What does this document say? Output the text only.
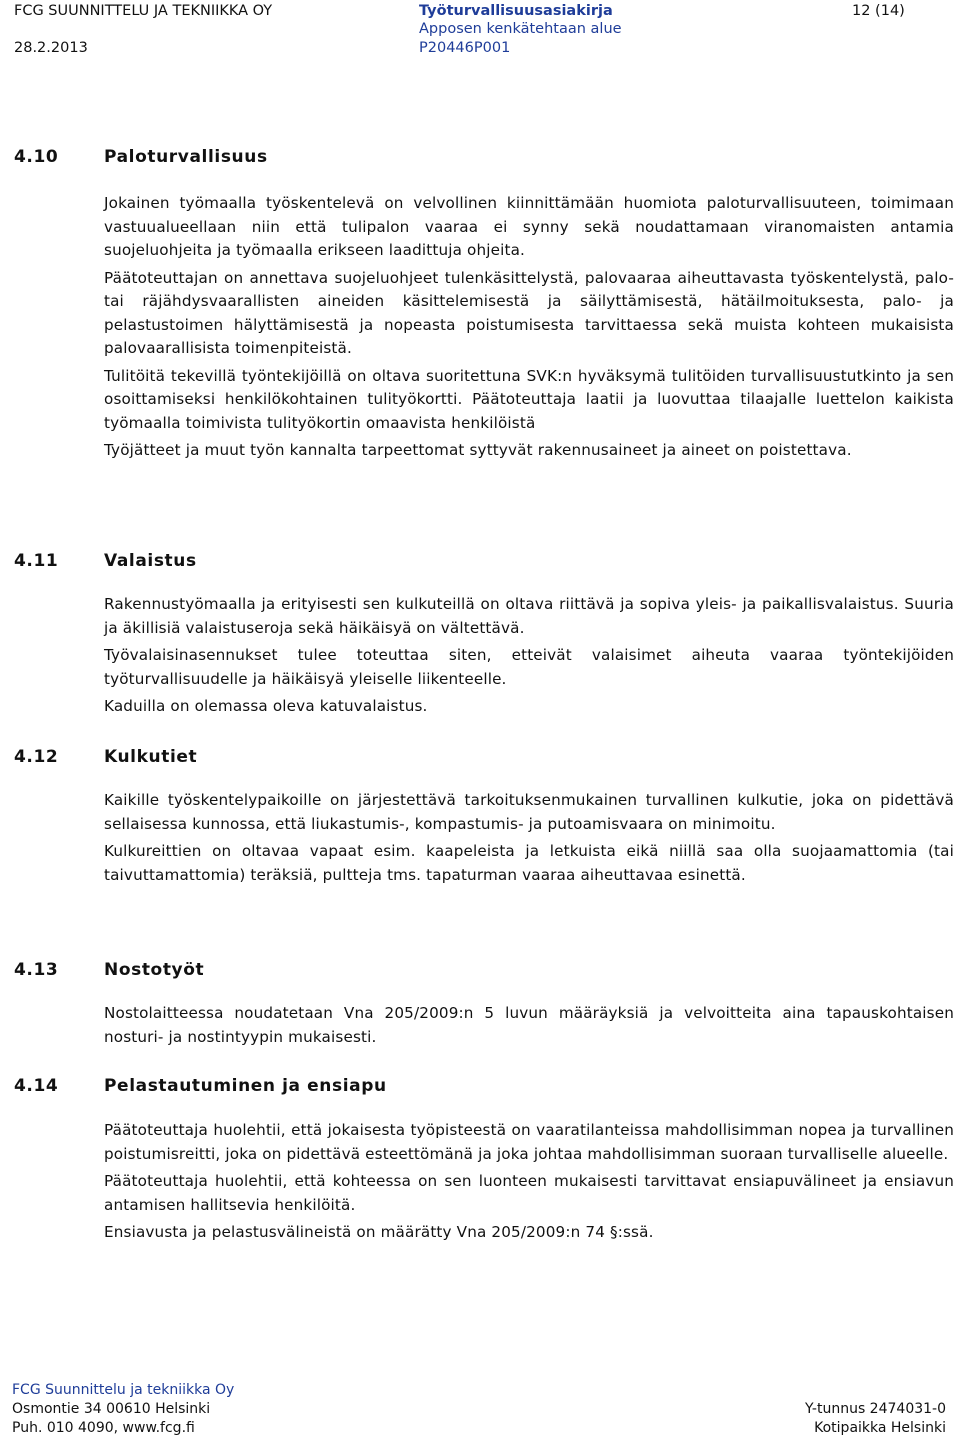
FCG SUUNNITTELU JA TEKNIIKKA OY
28.2.2013
Työturvallisuusasiakirja
Apposen kenkätehtaan alue
P20446P001
12 (14)
4.10	Paloturvallisuus

Jokainen työmaalla työskentelevä on velvollinen kiinnittämään huomiota paloturvallisuuteen, toimimaan vastuualueellaan niin että tulipalon vaaraa ei synny sekä noudattamaan viranomaisten antamia suojeluohjeita ja työmaalla erikseen laadittuja ohjeita.

Päätoteuttajan on annettava suojeluohjeet tulenkäsittelystä, palovaaraa aiheuttavasta työskentelystä, palo- tai räjähdysvaarallisten aineiden käsittelemisestä ja säilyttämisestä, hätäilmoituksesta, palo- ja pelastustoimen hälyttämisestä ja nopeasta poistumisesta tarvittaessa sekä muista kohteen mukaisista palovaarallisista toimenpiteistä.

Tulitöitä tekevillä työntekijöillä on oltava suoritettuna SVK:n hyväksymä tulitöiden turvallisuustutkinto ja sen osoittamiseksi henkilökohtainen tulityökortti. Päätoteuttaja laatii ja luovuttaa tilaajalle luettelon kaikista työmaalla toimivista tulityökortin omaavista henkilöistä

Työjätteet ja muut työn kannalta tarpeettomat syttyvät rakennusaineet ja aineet on poistettava.

4.11	Valaistus

Rakennustyömaalla ja erityisesti sen kulkuteillä on oltava riittävä ja sopiva yleis- ja paikallisvalaistus. Suuria ja äkillisiä valaistuseroja sekä häikäisyä on vältettävä.

Työvalaisinasennukset tulee toteuttaa siten, etteivät valaisimet aiheuta vaaraa työntekijöiden työturvallisuudelle ja häikäisyä yleiselle liikenteelle.

Kaduilla on olemassa oleva katuvalaistus.

4.12	Kulkutiet

Kaikille työskentelypaikoille on järjestettävä tarkoituksenmukainen turvallinen kulkutie, joka on pidettävä sellaisessa kunnossa, että liukastumis-, kompastumis- ja putoamisvaara on minimoitu.

Kulkureittien on oltavaa vapaat esim. kaapeleista ja letkuista eikä niillä saa olla suojaamattomia (tai taivuttamattomia) teräksiä, pultteja tms. tapaturman vaaraa aiheuttavaa esinettä.

4.13	Nostotyöt

Nostolaitteessa noudatetaan Vna 205/2009:n 5 luvun määräyksiä ja velvoitteita aina tapauskohtaisen nosturi- ja nostintyypin mukaisesti.

4.14	Pelastautuminen ja ensiapu

Päätoteuttaja huolehtii, että jokaisesta työpisteestä on vaaratilanteissa mahdollisimman nopea ja turvallinen poistumisreitti, joka on pidettävä esteettömänä ja joka johtaa mahdollisimman suoraan turvalliselle alueelle.

Päätoteuttaja huolehtii, että kohteessa on sen luonteen mukaisesti tarvittavat ensiapuvälineet ja ensiavun antamisen hallitsevia henkilöitä.

Ensiavusta ja pelastusvälineistä on määrätty Vna 205/2009:n 74 §:ssä.

FCG Suunnittelu ja tekniikka Oy
Osmontie 34 00610 Helsinki
Puh. 010 4090, www.fcg.fi
Y-tunnus 2474031-0
Kotipaikka Helsinki
